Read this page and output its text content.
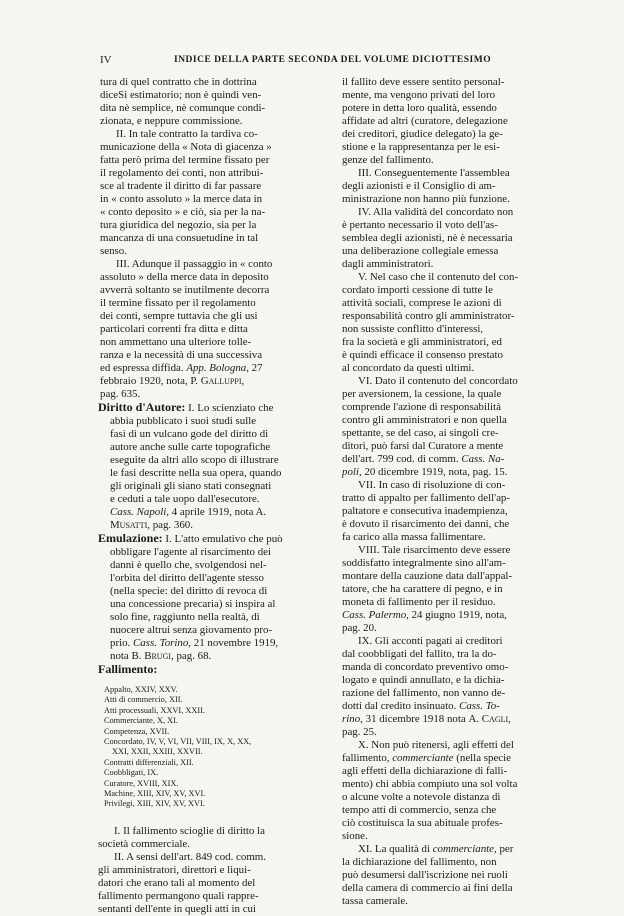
IV	INDICE DELLA PARTE SECONDA DEL VOLUME DICIOTTESIMO
tura di quel contratto che in dottrina
diceSi estimatorio; non è quindi ven-
dita nè semplice, nè comunque condi-
zionata, e neppure commissione.
II. In tale contratto la tardiva co-
municazione della « Nota di giacenza »
fatta però prima del termine fissato per
il regolamento dei conti, non attribui-
sce al tradente il diritto di far passare
in « conto assoluto » la merce data in
« conto deposito » e ciò, sia per la na-
tura giuridica del negozio, sia per la
mancanza di una consuetudine in tal
senso.
III. Adunque il passaggio in « conto
assoluto » della merce data in deposito
avverrà soltanto se inutilmente decorra
il termine fissato per il regolamento
dei conti, sempre tuttavia che gli usi
particolari correnti fra ditta e ditta
non ammettano una ulteriore tolle-
ranza e la necessità di una successiva
ed espressa diffida. App. Bologna, 27
febbraio 1920, nota, P. Galluppi,
pag. 635.
Diritto d'Autore: I. Lo scienziato che
abbia pubblicato i suoi studi sulle
fasi di un vulcano gode del diritto di
autore anche sulle carte topografiche
eseguite da altri allo scopo di illustrare
le fasi descritte nella sua opera, quando
gli originali gli siano stati consegnati
e ceduti a tale uopo dall'esecutore.
Cass. Napoli, 4 aprile 1919, nota A.
Musatti, pag. 360.
Emulazione: I. L'atto emulativo che può
obbligare l'agente al risarcimento dei
danni è quello che, svolgendosi nel-
l'orbita del diritto dell'agente stesso
(nella specie: del diritto di revoca di
una concessione precaria) si inspira al
solo fine, raggiunto nella realtà, di
nuocere altrui senza giovamento pro-
prio. Cass. Torino, 21 novembre 1919,
nota B. Brugi, pag. 68.
Fallimento:
Appalto, XXIV, XXV.
Atti di commercio, XII.
Atti processuali, XXVI, XXII.
Commerciante, X, XI.
Competenza, XVII.
Concordato, IV, V, VI, VII, VIII, IX, X, XX,
XXI, XXII, XXIII, XXVII.
Contratti differenziali, XII.
Coobbligati, IX.
Curatore, XVIII, XIX.
Machine, XIII, XIV, XV, XVI.
Privilegi, XIII, XIV, XV, XVI.
I. Il fallimento scioglie di diritto la
società commerciale.
II. A sensi dell'art. 849 cod. comm.
gli amministratori, direttori e liqui-
datori che erano tali al momento del
fallimento permangono quali rappre-
sentanti dell'ente in quegli atti in cui
il fallito deve essere sentito personal-
mente, ma vengono privati del loro
potere in detta loro qualità, essendo
affidate ad altri (curatore, delegazione
dei creditori, giudice delegato) la ge-
stione e la rappresentanza per le esi-
genze del fallimento.
III. Conseguentemente l'assemblea
degli azionisti e il Consiglio di am-
ministrazione non hanno più funzione.
IV. Alla validità del concordato non
è pertanto necessario il voto dell'as-
semblea degli azionisti, nè è necessaria
una deliberazione collegiale emessa
dagli amministratori.
V. Nel caso che il contenuto del con-
cordato importi cessione di tutte le
attività sociali, comprese le azioni di
responsabilità contro gli amministrator-
non sussiste conflitto d'interessi,
fra la società e gli amministratori, ed
è quindi efficace il consenso prestato
al concordato da questi ultimi.
VI. Dato il contenuto del concordato
per aversionem, la cessione, la quale
comprende l'azione di responsabilità
contro gli amministratori e non quella
spettante, se del caso, ai singoli cre-
ditori, può farsi dal Curatore a mente
dell'art. 799 cod. di comm. Cass. Na-
poli, 20 dicembre 1919, nota, pag. 15.
VII. In caso di risoluzione di con-
tratto di appalto per fallimento dell'ap-
paltatore e consecutiva inadempienza,
è dovuto il risarcimento dei danni, che
fa carico alla massa fallimentare.
VIII. Tale risarcimento deve essere
soddisfatto integralmente sino all'am-
montare della cauzione data dall'appal-
tatore, che ha carattere di pegno, e in
moneta di fallimento per il residuo.
Cass. Palermo, 24 giugno 1919, nota,
pag. 20.
IX. Gli acconti pagati ai creditori
dal coobbligati del fallito, tra la do-
manda di concordato preventivo omo-
logato e quindi annullato, e la dichia-
razione del fallimento, non vanno de-
dotti dal credito insinuato. Cass. To-
rino, 31 dicembre 1918 nota A. Cagli,
pag. 25.
X. Non può ritenersi, agli effetti del
fallimento, commerciante (nella specie
agli effetti della dichiarazione di falli-
mento) chi abbia compiuto una sol volta
o alcune volte a notevole distanza di
tempo atti di commercio, senza che
ciò costituisca la sua abituale profes-
sione.
XI. La qualità di commerciante, per
la dichiarazione del fallimento, non
può desumersi dall'iscrizione nei ruoli
della camera di commercio ai fini della
tassa camerale.
